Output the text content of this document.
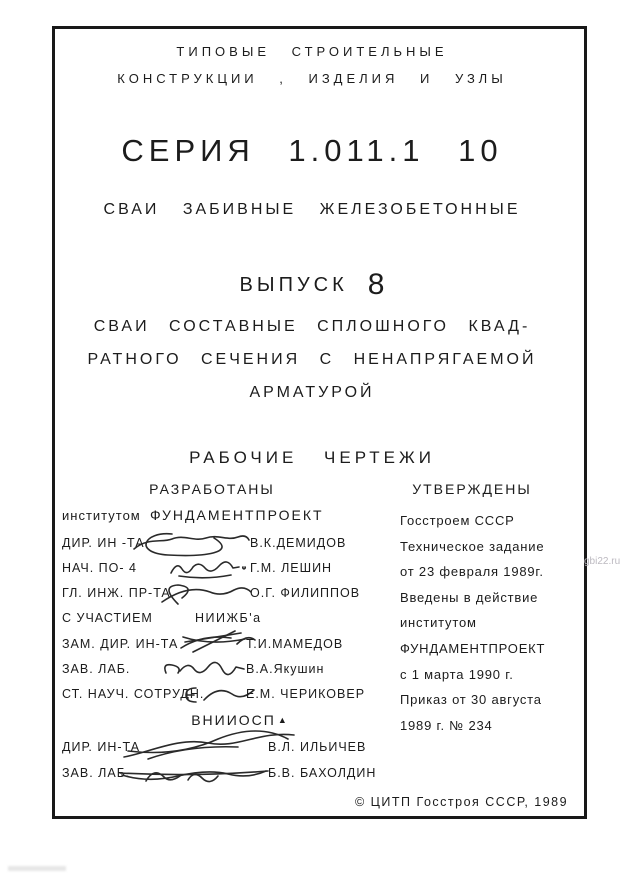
ТИПОВЫЕ СТРОИТЕЛЬНЫЕ
КОНСТРУКЦИИ , ИЗДЕЛИЯ И УЗЛЫ
СЕРИЯ 1.011.1 10
СВАИ ЗАБИВНЫЕ ЖЕЛЕЗОБЕТОННЫЕ
ВЫПУСК 8
СВАИ СОСТАВНЫЕ СПЛОШНОГО КВАД-
РАТНОГО СЕЧЕНИЯ С НЕНАПРЯГАЕМОЙ
АРМАТУРОЙ
РАБОЧИЕ ЧЕРТЕЖИ
РАЗРАБОТАНЫ	УТВЕРЖДЕНЫ
институтом ФУНДАМЕНТПРОЕКТ
ДИР. ИН -ТА	В.К.ДЕМИДОВ
НАЧ. ПО- 4	Г.М. ЛЕШИН
ГЛ. ИНЖ. ПР-ТА	О.Г. ФИЛИППОВ
С УЧАСТИЕМ	НИИЖБ'а
ЗАМ. ДИР. ИН-ТА	Т.И.МАМЕДОВ
ЗАВ. ЛАБ.	В.А.Якушин
СТ. НАУЧ. СОТРУДН.	Е.М. ЧЕРИКОВЕР
ВНИИОСП ▲
ДИР. ИН-ТА	В.Л. ИЛЬИЧЕВ
ЗАВ. ЛАБ.	Б.В. БАХОЛДИН
Госстроем СССР
Техническое задание
от 23 февраля 1989г.
Введены в действие
институтом
ФУНДАМЕНТПРОЕКТ
с 1 марта 1990 г.
Приказ от 30 августа
1989 г. № 234
© ЦИТП Госстроя СССР, 1989
gbi22.ru
